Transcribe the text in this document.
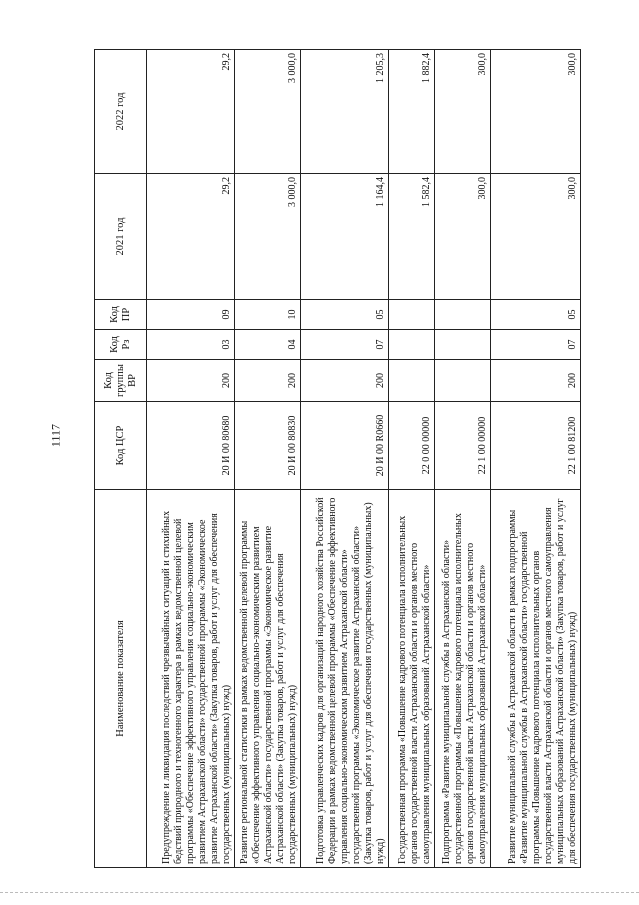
1117
Наименование показателя	Код ЦСР	Код группы ВР	Код Рз	Код ПР	2021 год	2022 год
Предупреждение и ликвидация последствий чрезвычайных ситуаций и стихийных бедствий природного и техногенного характера в рамках ведомственной целевой программы «Обеспечение эффективного управления социально-экономическим развитием Астраханской области» государственной программы «Экономическое развитие Астраханской области» (Закупка товаров, работ и услуг для обеспечения государственных (муниципальных) нужд)	20 И 00 80680	200	03	09	29,2	29,2
Развитие региональной статистики в рамках ведомственной целевой программы «Обеспечение эффективного управления социально-экономическим развитием Астраханской области» государственной программы «Экономическое развитие Астраханской области» (Закупка товаров, работ и услуг для обеспечения государственных (муниципальных) нужд)	20 И 00 80830	200	04	10	3 000,0	3 000,0
Подготовка управленческих кадров для организаций народного хозяйства Российской Федерации в рамках ведомственной целевой программы «Обеспечение эффективного управления социально-экономическим развитием Астраханской области» государственной программы «Экономическое развитие Астраханской области» (Закупка товаров, работ и услуг для обеспечения государственных (муниципальных) нужд)	20 И 00 R0660	200	07	05	1 164,4	1 205,3
Государственная программа «Повышение кадрового потенциала исполнительных органов государственной власти Астраханской области и органов местного самоуправления муниципальных образований Астраханской области»	22 0 00 00000				1 582,4	1 882,4
Подпрограмма «Развитие муниципальной службы в Астраханской области» государственной программы «Повышение кадрового потенциала исполнительных органов государственной власти Астраханской области и органов местного самоуправления муниципальных образований Астраханской области»	22 1 00 00000				300,0	300,0
Развитие муниципальной службы в Астраханской области в рамках подпрограммы «Развитие муниципальной службы в Астраханской области» государственной программы «Повышение кадрового потенциала исполнительных органов государственной власти Астраханской области и органов местного самоуправления муниципальных образований Астраханской области» (Закупка товаров, работ и услуг для обеспечения государственных (муниципальных) нужд)	22 1 00 81200	200	07	05	300,0	300,0
